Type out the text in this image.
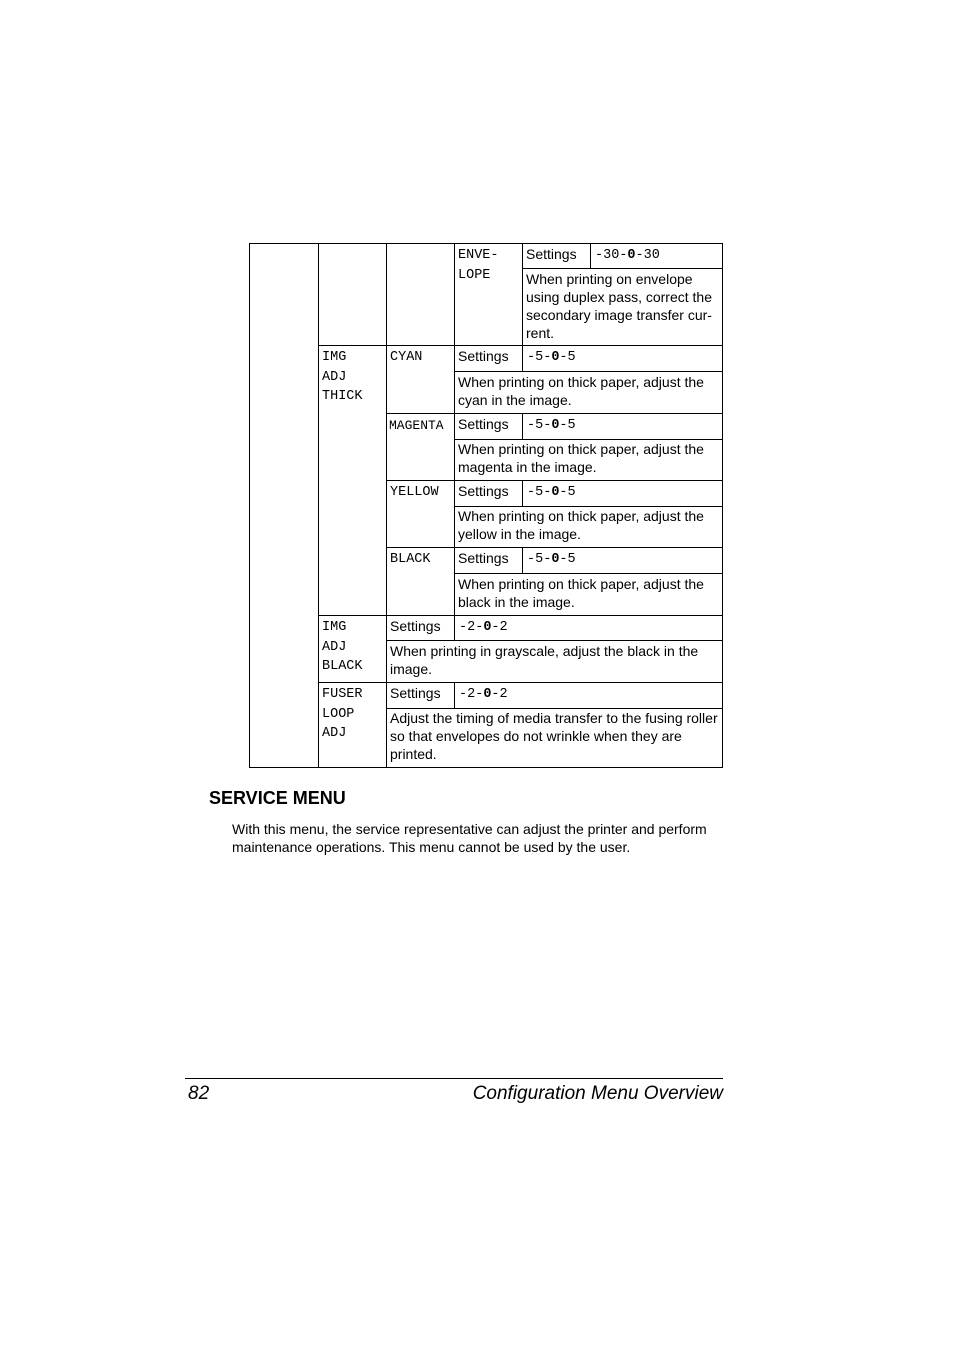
ENVE-
LOPE
Settings -30-0-30
When printing on envelope using duplex pass, correct the secondary image transfer cur-rent.
IMG
ADJ
THICK
CYAN	Settings -5-0-5
When printing on thick paper, adjust the cyan in the image.
MAGENTA Settings -5-0-5
When printing on thick paper, adjust the magenta in the image.
YELLOW Settings -5-0-5
When printing on thick paper, adjust the yellow in the image.
BLACK Settings -5-0-5
When printing on thick paper, adjust the black in the image.
IMG
ADJ
BLACK
Settings -2-0-2
When printing in grayscale, adjust the black in the image.
FUSER
LOOP
ADJ
Settings -2-0-2
Adjust the timing of media transfer to the fusing roller so that envelopes do not wrinkle when they are printed.
SERVICE MENU
With this menu, the service representative can adjust the printer and perform maintenance operations. This menu cannot be used by the user.
82	Configuration Menu Overview
